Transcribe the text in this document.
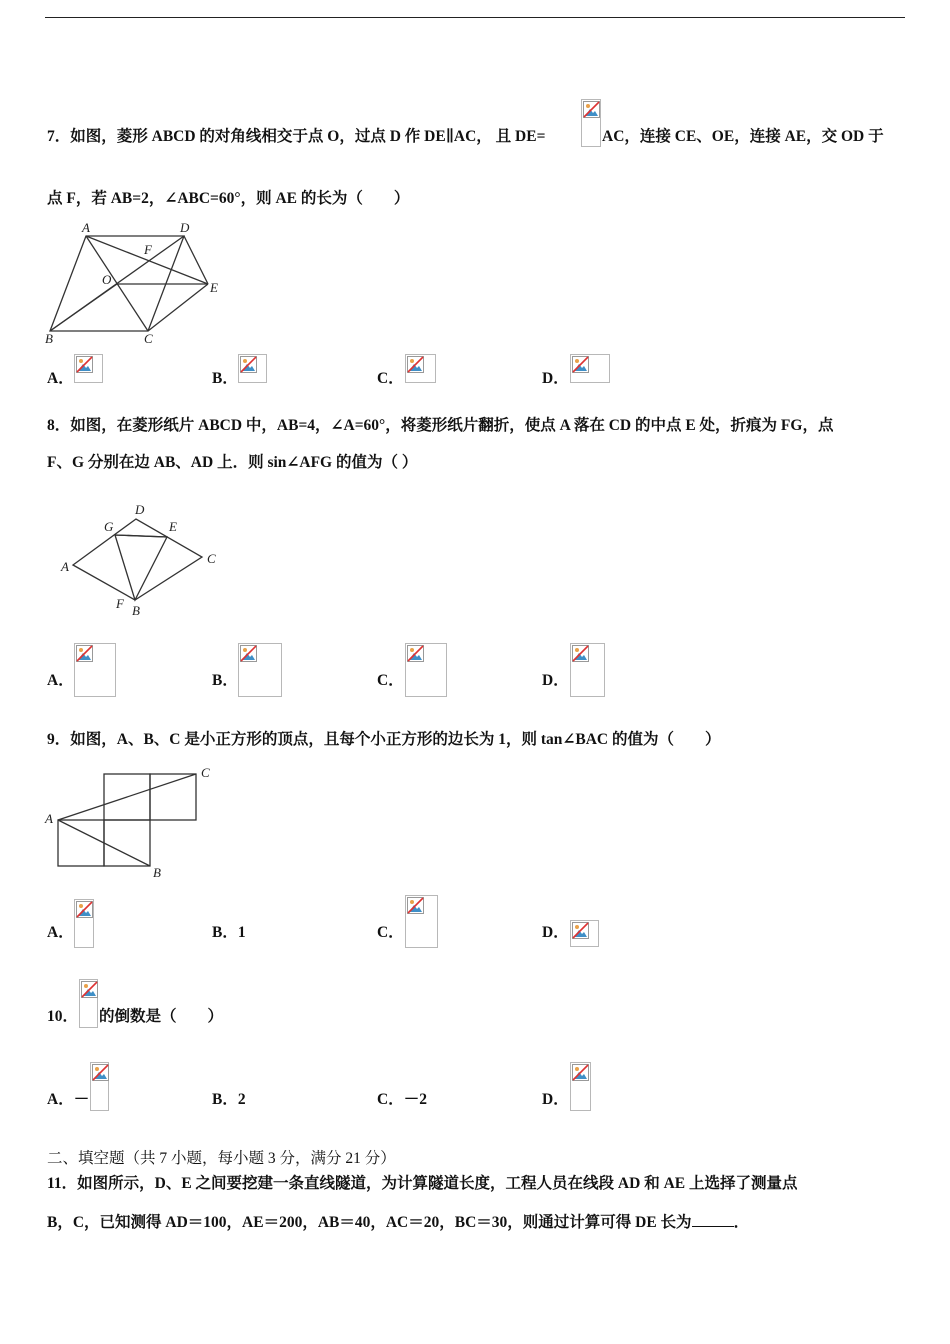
7．如图，菱形 ABCD 的对角线相交于点 O，过点 D 作 DE∥AC， 且 DE=	AC，连接 CE、OE，连接 AE，交 OD 于
点 F，若 AB=2，∠ABC=60°，则 AE 的长为（　　）
A	D
F
O
E
B	C
A．	B．	C．	D．
8．如图，在菱形纸片 ABCD 中，AB=4，∠A=60°，将菱形纸片翻折，使点 A 落在 CD 的中点 E 处，折痕为 FG，点
F、G 分别在边 AB、AD 上．则 sin∠AFG 的值为（ ）
D
G	E
A
C
F B
A．	B．	C．	D．
9．如图，A、B、C 是小正方形的顶点，且每个小正方形的边长为 1，则 tan∠BAC 的值为（　　）
C
A
B
A．	B．1	C．	D．
10． 的倒数是（　　）
A．－	B．2	C．－2	D．
二、填空题（共 7 小题，每小题 3 分，满分 21 分）
11．如图所示，D、E 之间要挖建一条直线隧道，为计算隧道长度，工程人员在线段 AD 和 AE 上选择了测量点
B，C，已知测得 AD＝100，AE＝200，AB＝40，AC＝20，BC＝30，则通过计算可得 DE 长为	．
